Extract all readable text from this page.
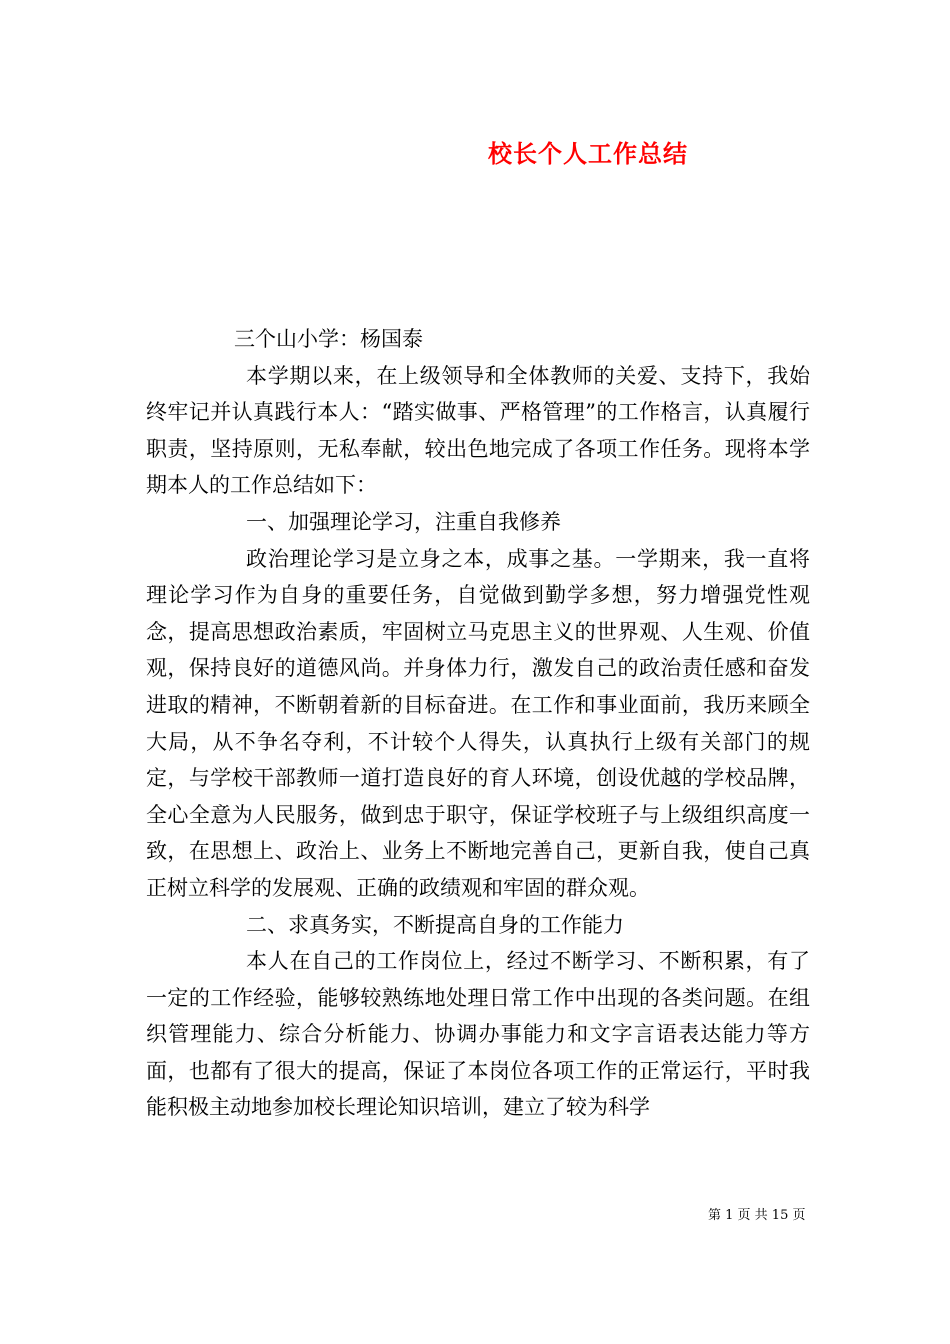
校长个人工作总结

三个山小学：杨国泰

本学期以来，在上级领导和全体教师的关爱、支持下，我始终牢记并认真践行本人：“踏实做事、严格管理”的工作格言，认真履行职责，坚持原则，无私奉献，较出色地完成了各项工作任务。现将本学期本人的工作总结如下：

一、加强理论学习，注重自我修养

政治理论学习是立身之本，成事之基。一学期来，我一直将理论学习作为自身的重要任务，自觉做到勤学多想，努力增强党性观念，提高思想政治素质，牢固树立马克思主义的世界观、人生观、价值观，保持良好的道德风尚。并身体力行，激发自己的政治责任感和奋发进取的精神，不断朝着新的目标奋进。在工作和事业面前，我历来顾全大局，从不争名夺利，不计较个人得失，认真执行上级有关部门的规定，与学校干部教师一道打造良好的育人环境，创设优越的学校品牌，全心全意为人民服务，做到忠于职守，保证学校班子与上级组织高度一致，在思想上、政治上、业务上不断地完善自己，更新自我，使自己真正树立科学的发展观、正确的政绩观和牢固的群众观。

二、求真务实，不断提高自身的工作能力

本人在自己的工作岗位上，经过不断学习、不断积累，有了一定的工作经验，能够较熟练地处理日常工作中出现的各类问题。在组织管理能力、综合分析能力、协调办事能力和文字言语表达能力等方面，也都有了很大的提高，保证了本岗位各项工作的正常运行，平时我能积极主动地参加校长理论知识培训，建立了较为科学

第 1 页 共 15 页
